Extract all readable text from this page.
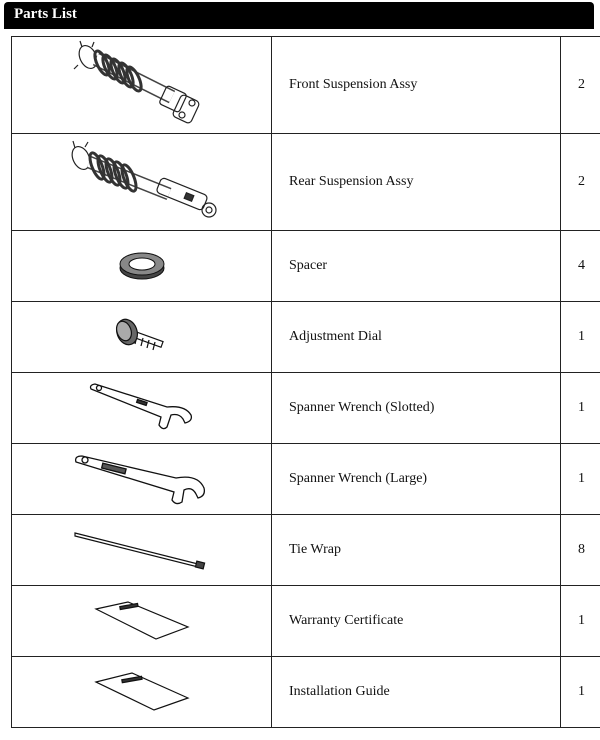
Parts List
	Front Suspension Assy	2

	Rear Suspension Assy	2

	Spacer	4

	Adjustment Dial	1

	Spanner Wrench (Slotted)	1

	Spanner Wrench (Large)	1

	Tie Wrap	8

	Warranty Certificate	1

	Installation Guide	1
